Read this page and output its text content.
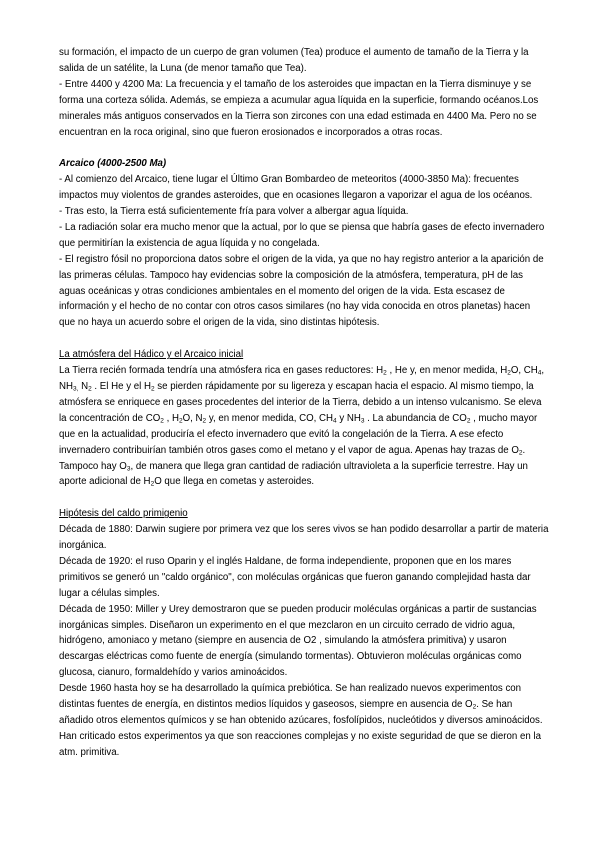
su formación, el impacto de un cuerpo de gran volumen (Tea) produce el aumento de tamaño de la Tierra y la salida de un satélite, la Luna (de menor tamaño que Tea).

- Entre 4400 y 4200 Ma: La frecuencia y el tamaño de los asteroides que impactan en la Tierra disminuye y se forma una corteza sólida. Además, se empieza a acumular agua líquida en la superficie, formando océanos.Los minerales más antiguos conservados en la Tierra son zircones con una edad estimada en 4400 Ma. Pero no se encuentran en la roca original, sino que fueron erosionados e incorporados a otras rocas.

Arcaico (4000-2500 Ma)

- Al comienzo del Arcaico, tiene lugar el Último Gran Bombardeo de meteoritos (4000-3850 Ma): frecuentes impactos muy violentos de grandes asteroides, que en ocasiones llegaron a vaporizar el agua de los océanos.

- Tras esto, la Tierra está suficientemente fría para volver a albergar agua líquida.

- La radiación solar era mucho menor que la actual, por lo que se piensa que habría gases de efecto invernadero que permitirían la existencia de agua líquida y no congelada.

- El registro fósil no proporciona datos sobre el origen de la vida, ya que no hay registro anterior a la aparición de las primeras células. Tampoco hay evidencias sobre la composición de la atmósfera, temperatura, pH de las aguas oceánicas y otras condiciones ambientales en el momento del origen de la vida. Esta escasez de información y el hecho de no contar con otros casos similares (no hay vida conocida en otros planetas) hacen que no haya un acuerdo sobre el origen de la vida, sino distintas hipótesis.

La atmósfera del Hádico y el Arcaico inicial

La Tierra recién formada tendría una atmósfera rica en gases reductores: $H_2$ , He y, en menor medida, $H_2O$, $CH_4$, $NH_{3,}$ $N_2$ . El He y el $H_2$ se pierden rápidamente por su ligereza y escapan hacia el espacio. Al mismo tiempo, la atmósfera se enriquece en gases procedentes del interior de la Tierra, debido a un intenso vulcanismo. Se eleva la concentración de $CO_2$ , $H_2O$, $N_2$ y, en menor medida, CO, $CH_4$ y $NH_3$ . La abundancia de $CO_2$ , mucho mayor que en la actualidad, produciría el efecto invernadero que evitó la congelación de la Tierra. A ese efecto invernadero contribuirían también otros gases como el metano y el vapor de agua. Apenas hay trazas de $O_2$. Tampoco hay $O_3$, de manera que llega gran cantidad de radiación ultravioleta a la superficie terrestre. Hay un aporte adicional de $H_2O$ que llega en cometas y asteroides.

Hipótesis del caldo primigenio

Década de 1880: Darwin sugiere por primera vez que los seres vivos se han podido desarrollar a partir de materia inorgánica.

Década de 1920: el ruso Oparin y el inglés Haldane, de forma independiente, proponen que en los mares primitivos se generó un "caldo orgánico", con moléculas orgánicas que fueron ganando complejidad hasta dar lugar a células simples.

Década de 1950: Miller y Urey demostraron que se pueden producir moléculas orgánicas a partir de sustancias inorgánicas simples. Diseñaron un experimento en el que mezclaron en un circuito cerrado de vidrio agua, hidrógeno, amoniaco y metano (siempre en ausencia de O2 , simulando la atmósfera primitiva) y usaron descargas eléctricas como fuente de energía (simulando tormentas). Obtuvieron moléculas orgánicas como glucosa, cianuro, formaldehído y varios aminoácidos.

Desde 1960 hasta hoy se ha desarrollado la química prebiótica. Se han realizado nuevos experimentos con distintas fuentes de energía, en distintos medios líquidos y gaseosos, siempre en ausencia de $O_2$. Se han añadido otros elementos químicos y se han obtenido azúcares, fosfolípidos, nucleótidos y diversos aminoácidos. Han criticado estos experimentos ya que son reacciones complejas y no existe seguridad de que se dieron en la atm. primitiva.
